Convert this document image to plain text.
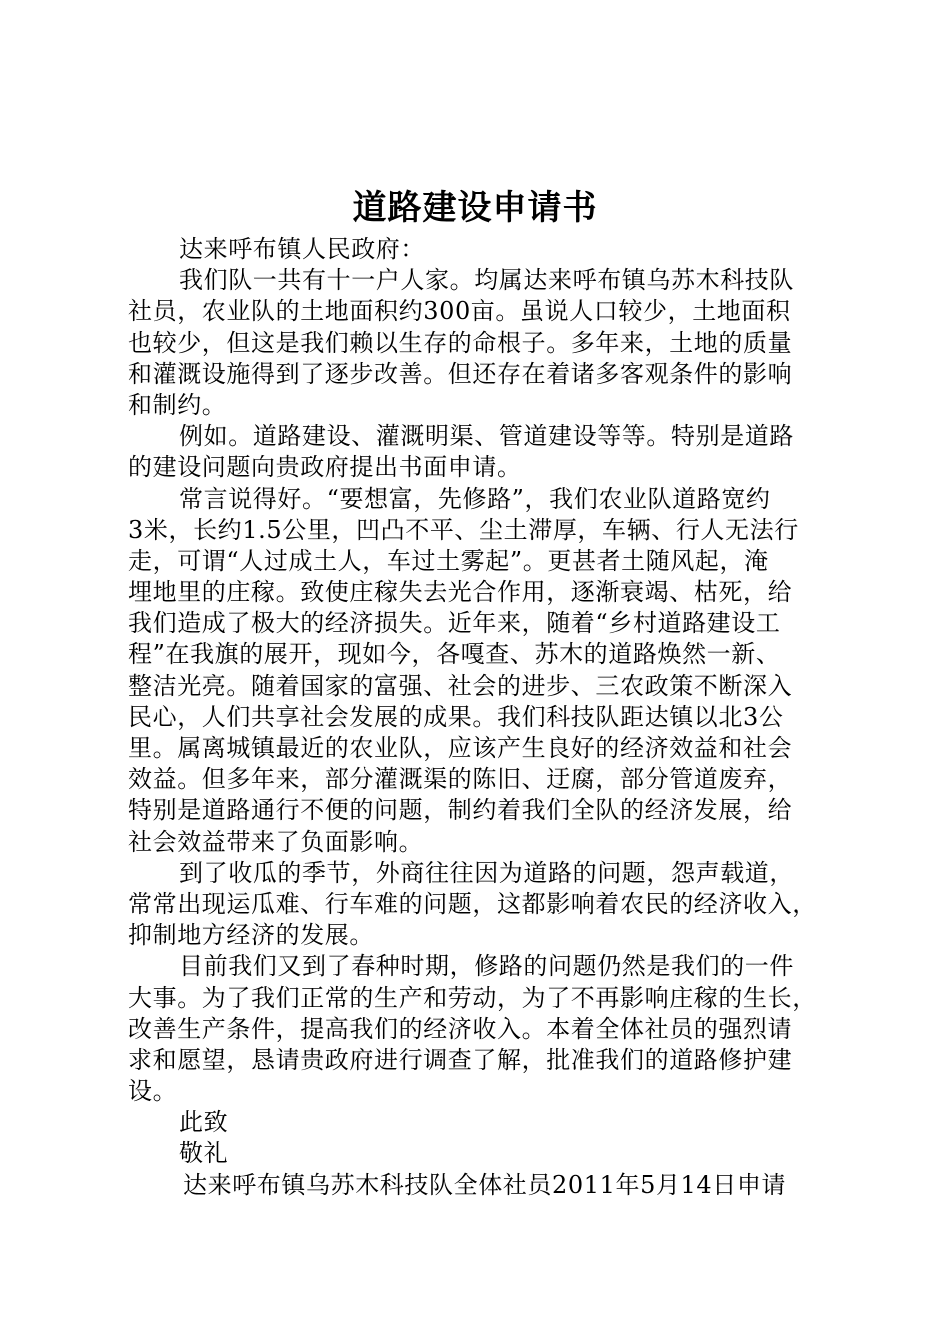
道路建设申请书
达来呼布镇人民政府：
我们队一共有十一户人家。均属达来呼布镇乌苏木科技队
社员，农业队的土地面积约300亩。虽说人口较少，土地面积
也较少，但这是我们赖以生存的命根子。多年来，土地的质量
和灌溉设施得到了逐步改善。但还存在着诸多客观条件的影响
和制约。
例如。道路建设、灌溉明渠、管道建设等等。特别是道路
的建设问题向贵政府提出书面申请。
常言说得好。“要想富，先修路”，我们农业队道路宽约
3米，长约1.5公里，凹凸不平、尘土滞厚，车辆、行人无法行
走，可谓“人过成土人，车过土雾起”。更甚者土随风起，淹
埋地里的庄稼。致使庄稼失去光合作用，逐渐衰竭、枯死，给
我们造成了极大的经济损失。近年来，随着“乡村道路建设工
程”在我旗的展开，现如今，各嘎查、苏木的道路焕然一新、
整洁光亮。随着国家的富强、社会的进步、三农政策不断深入
民心，人们共享社会发展的成果。我们科技队距达镇以北3公
里。属离城镇最近的农业队，应该产生良好的经济效益和社会
效益。但多年来，部分灌溉渠的陈旧、迂腐，部分管道废弃，
特别是道路通行不便的问题，制约着我们全队的经济发展，给
社会效益带来了负面影响。
到了收瓜的季节，外商往往因为道路的问题，怨声载道，
常常出现运瓜难、行车难的问题，这都影响着农民的经济收入，
抑制地方经济的发展。
目前我们又到了春种时期，修路的问题仍然是我们的一件
大事。为了我们正常的生产和劳动，为了不再影响庄稼的生长，
改善生产条件，提高我们的经济收入。本着全体社员的强烈请
求和愿望，恳请贵政府进行调查了解，批准我们的道路修护建
设。
此致
敬礼
达来呼布镇乌苏木科技队全体社员2011年5月14日申请
